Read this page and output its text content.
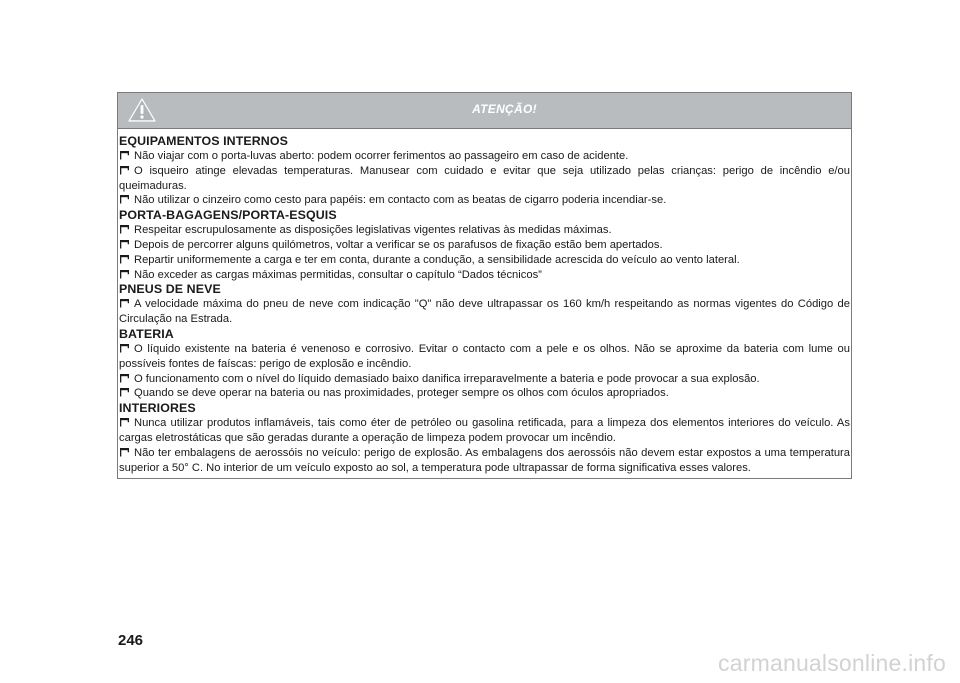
ATENÇÃO!
EQUIPAMENTOS INTERNOS
Não viajar com o porta-luvas aberto: podem ocorrer ferimentos ao passageiro em caso de acidente.
O isqueiro atinge elevadas temperaturas. Manusear com cuidado e evitar que seja utilizado pelas crianças: perigo de incêndio e/ou queimaduras.
Não utilizar o cinzeiro como cesto para papéis: em contacto com as beatas de cigarro poderia incendiar-se.
PORTA-BAGAGENS/PORTA-ESQUIS
Respeitar escrupulosamente as disposições legislativas vigentes relativas às medidas máximas.
Depois de percorrer alguns quilómetros, voltar a verificar se os parafusos de fixação estão bem apertados.
Repartir uniformemente a carga e ter em conta, durante a condução, a sensibilidade acrescida do veículo ao vento lateral.
Não exceder as cargas máximas permitidas, consultar o capítulo “Dados técnicos”
PNEUS DE NEVE
A velocidade máxima do pneu de neve com indicação "Q" não deve ultrapassar os 160 km/h respeitando as normas vigentes do Código de Circulação na Estrada.
BATERIA
O líquido existente na bateria é venenoso e corrosivo. Evitar o contacto com a pele e os olhos. Não se aproxime da bateria com lume ou possíveis fontes de faíscas: perigo de explosão e incêndio.
O funcionamento com o nível do líquido demasiado baixo danifica irreparavelmente a bateria e pode provocar a sua explosão.
Quando se deve operar na bateria ou nas proximidades, proteger sempre os olhos com óculos apropriados.
INTERIORES
Nunca utilizar produtos inflamáveis, tais como éter de petróleo ou gasolina retificada, para a limpeza dos elementos interiores do veículo. As cargas eletrostáticas que são geradas durante a operação de limpeza podem provocar um incêndio.
Não ter embalagens de aerossóis no veículo: perigo de explosão. As embalagens dos aerossóis não devem estar expostos a uma temperatura superior a 50° C. No interior de um veículo exposto ao sol, a temperatura pode ultrapassar de forma significativa esses valores.
246
carmanualsonline.info
